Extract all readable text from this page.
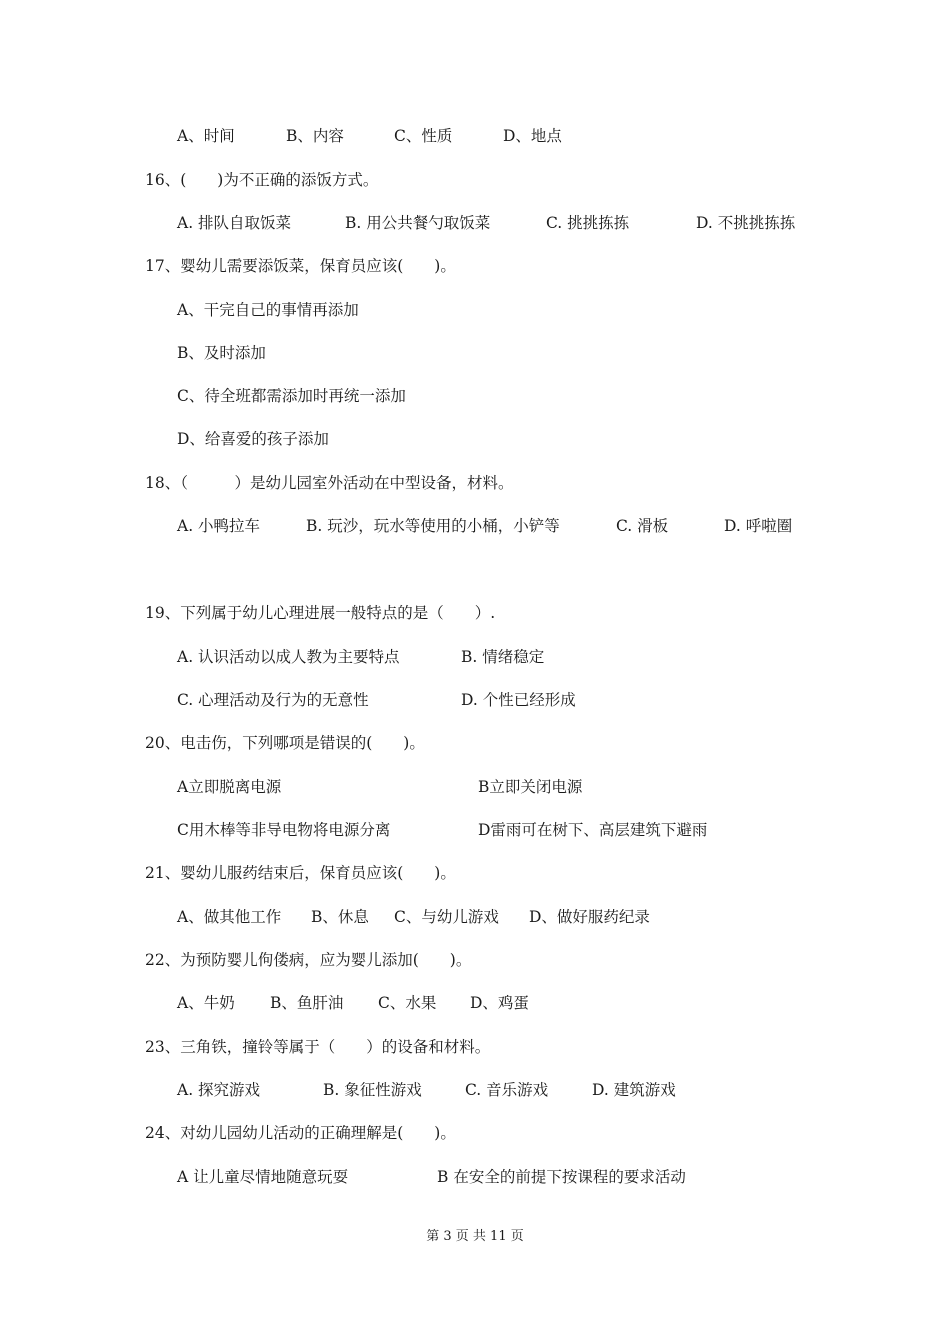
A、时间	B、内容	C、性质	D、地点
16、(　　)为不正确的添饭方式。
A. 排队自取饭菜	B. 用公共餐勺取饭菜	C. 挑挑拣拣	D. 不挑挑拣拣
17、婴幼儿需要添饭菜，保育员应该(　　)。
A、干完自己的事情再添加
B、及时添加
C、待全班都需添加时再统一添加
D、给喜爱的孩子添加
18、（　　　）是幼儿园室外活动在中型设备，材料。
A. 小鸭拉车	B. 玩沙，玩水等使用的小桶，小铲等	C. 滑板	D. 呼啦圈
19、下列属于幼儿心理进展一般特点的是（　　）.
A. 认识活动以成人教为主要特点	B. 情绪稳定
C. 心理活动及行为的无意性	D. 个性已经形成
20、电击伤，下列哪项是错误的(　　)。
A立即脱离电源	B立即关闭电源
C用木棒等非导电物将电源分离	D雷雨可在树下、高层建筑下避雨
21、婴幼儿服药结束后，保育员应该(　　)。
A、做其他工作 B、休息 C、与幼儿游戏 D、做好服药纪录
22、为预防婴儿佝偻病，应为婴儿添加(　　)。
A、牛奶 B、鱼肝油 C、水果 D、鸡蛋
23、三角铁，撞铃等属于（　　）的设备和材料。
A. 探究游戏	B. 象征性游戏	C. 音乐游戏	D. 建筑游戏
24、对幼儿园幼儿活动的正确理解是(　　)。
A 让儿童尽情地随意玩耍	B 在安全的前提下按课程的要求活动
第 3 页 共 11 页
